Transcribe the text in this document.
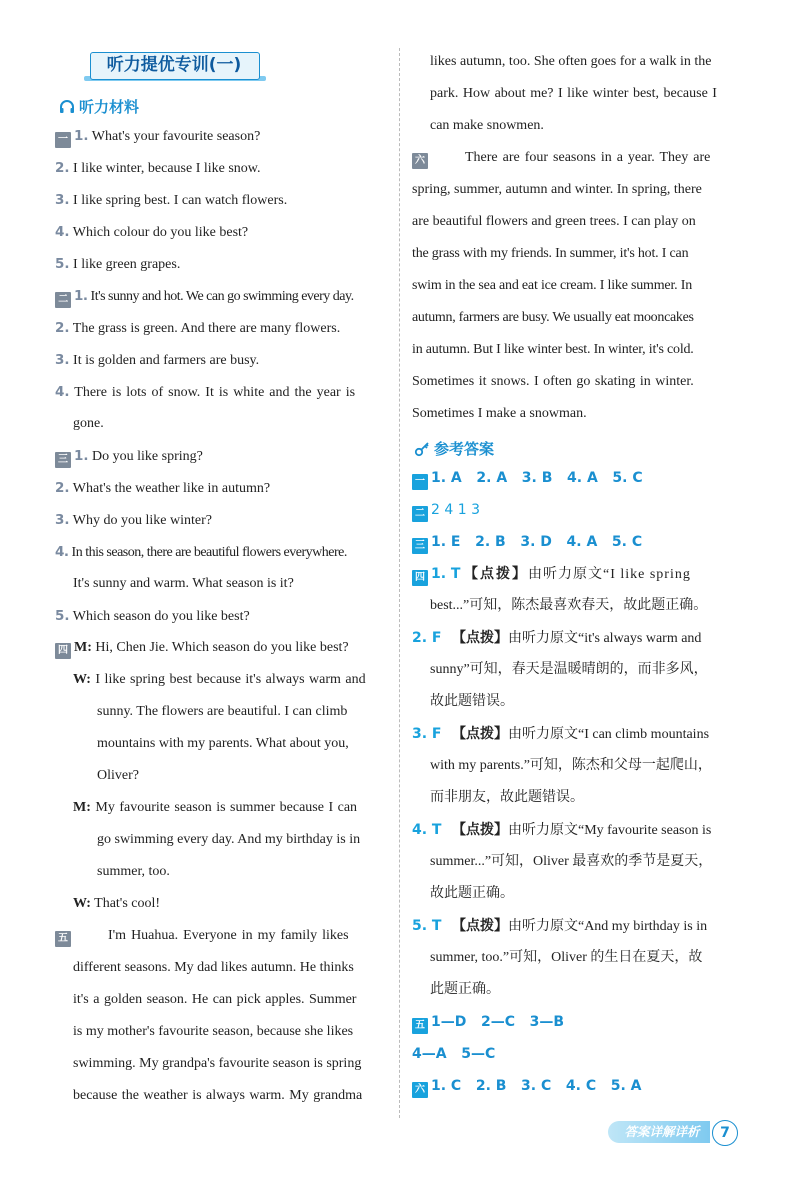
听力提优专训(一)
听力材料
一 1. What's your favourite season?
2. I like winter, because I like snow.
3. I like spring best. I can watch flowers.
4. Which colour do you like best?
5. I like green grapes.
二 1. It's sunny and hot. We can go swimming every day.
2. The grass is green. And there are many flowers.
3. It is golden and farmers are busy.
4. There is lots of snow. It is white and the year is
gone.
三 1. Do you like spring?
2. What's the weather like in autumn?
3. Why do you like winter?
4. In this season, there are beautiful flowers everywhere.
It's sunny and warm. What season is it?
5. Which season do you like best?
四 M: Hi, Chen Jie. Which season do you like best?
W: I like spring best because it's always warm and
sunny. The flowers are beautiful. I can climb
mountains with my parents. What about you,
Oliver?
M: My favourite season is summer because I can
go swimming every day. And my birthday is in
summer, too.
W: That's cool!
五	I'm Huahua. Everyone in my family likes
different seasons. My dad likes autumn. He thinks
it's a golden season. He can pick apples. Summer
is my mother's favourite season, because she likes
swimming. My grandpa's favourite season is spring
because the weather is always warm. My grandma
likes autumn, too. She often goes for a walk in the
park. How about me? I like winter best, because I
can make snowmen.
六	There are four seasons in a year. They are
spring, summer, autumn and winter. In spring, there
are beautiful flowers and green trees. I can play on
the grass with my friends. In summer, it's hot. I can
swim in the sea and eat ice cream. I like summer. In
autumn, farmers are busy. We usually eat mooncakes
in autumn. But I like winter best. In winter, it's cold.
Sometimes it snows. I often go skating in winter.
Sometimes I make a snowman.
参考答案
一 1. A   2. A   3. B   4. A   5. C
二 2 4 1 3
三 1. E   2. B   3. D   4. A   5. C
四 1. T 【点拨】由听力原文“I like spring
best...”可知，陈杰最喜欢春天，故此题正确。
2. F 【点拨】由听力原文“it's always warm and
sunny”可知，春天是温暖晴朗的，而非多风，
故此题错误。
3. F 【点拨】由听力原文“I can climb mountains
with my parents.”可知，陈杰和父母一起爬山，
而非朋友，故此题错误。
4. T 【点拨】由听力原文“My favourite season is
summer...”可知，Oliver 最喜欢的季节是夏天，
故此题正确。
5. T 【点拨】由听力原文“And my birthday is in
summer, too.”可知，Oliver 的生日在夏天，故
此题正确。
五 1—D   2—C   3—B
4—A   5—C
六 1. C   2. B   3. C   4. C   5. A
答案详解详析	7
